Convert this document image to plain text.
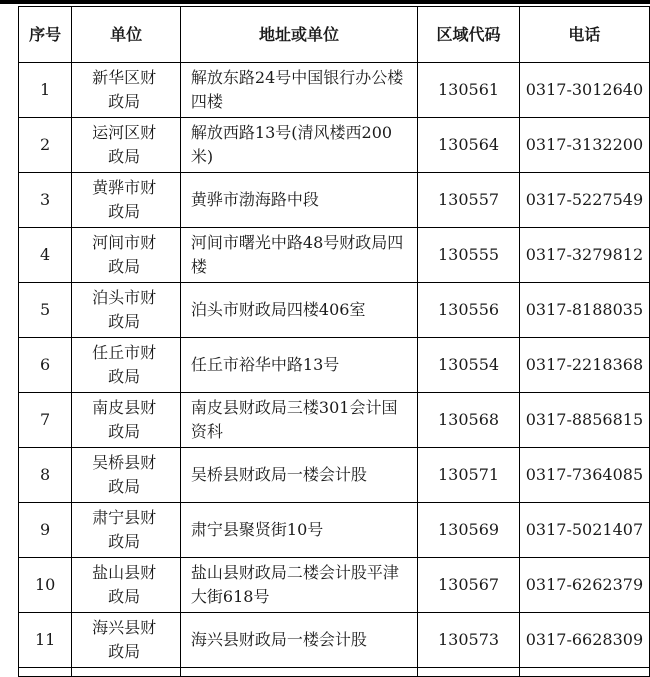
序号	单位	地址或单位	区域代码	电话
1	新华区财政局	解放东路24号中国银行办公楼四楼	130561	0317-3012640
2	运河区财政局	解放西路13号(清风楼西200米)	130564	0317-3132200
3	黄骅市财政局	黄骅市渤海路中段	130557	0317-5227549
4	河间市财政局	河间市曙光中路48号财政局四楼	130555	0317-3279812
5	泊头市财政局	泊头市财政局四楼406室	130556	0317-8188035
6	任丘市财政局	任丘市裕华中路13号	130554	0317-2218368
7	南皮县财政局	南皮县财政局三楼301会计国资科	130568	0317-8856815
8	吴桥县财政局	吴桥县财政局一楼会计股	130571	0317-7364085
9	肃宁县财政局	肃宁县聚贤街10号	130569	0317-5021407
10	盐山县财政局	盐山县财政局二楼会计股平津大街618号	130567	0317-6262379
11	海兴县财政局	海兴县财政局一楼会计股	130573	0317-6628309
